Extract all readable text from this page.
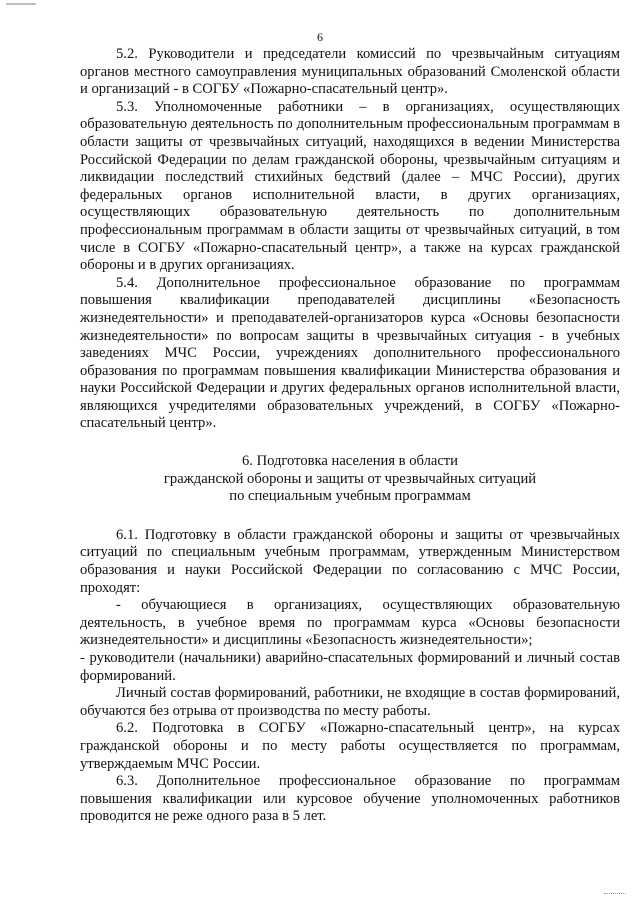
6

5.2. Руководители и председатели комиссий по чрезвычайным ситуациям органов местного самоуправления муниципальных образований Смоленской области и организаций - в СОГБУ «Пожарно-спасательный центр».

5.3. Уполномоченные работники – в организациях, осуществляющих образовательную деятельность по дополнительным профессиональным программам в области защиты от чрезвычайных ситуаций, находящихся в ведении Министерства Российской Федерации по делам гражданской обороны, чрезвычайным ситуациям и ликвидации последствий стихийных бедствий (далее – МЧС России), других федеральных органов исполнительной власти, в других организациях, осуществляющих образовательную деятельность по дополнительным профессиональным программам в области защиты от чрезвычайных ситуаций, в том числе в СОГБУ «Пожарно-спасательный центр», а также на курсах гражданской обороны и в других организациях.

5.4. Дополнительное профессиональное образование по программам повышения квалификации преподавателей дисциплины «Безопасность жизнедеятельности» и преподавателей-организаторов курса «Основы безопасности жизнедеятельности» по вопросам защиты в чрезвычайных ситуация - в учебных заведениях МЧС России, учреждениях дополнительного профессионального образования по программам повышения квалификации Министерства образования и науки Российской Федерации и других федеральных органов исполнительной власти, являющихся учредителями образовательных учреждений, в СОГБУ «Пожарно-спасательный центр».

6. Подготовка населения в области
гражданской обороны и защиты от чрезвычайных ситуаций
по специальным учебным программам

6.1. Подготовку в области гражданской обороны и защиты от чрезвычайных ситуаций по специальным учебным программам, утвержденным Министерством образования и науки Российской Федерации по согласованию с МЧС России, проходят:

- обучающиеся в организациях, осуществляющих образовательную деятельность, в учебное время по программам курса «Основы безопасности жизнедеятельности» и дисциплины «Безопасность жизнедеятельности»;

- руководители (начальники) аварийно-спасательных формирований и личный состав формирований.

Личный состав формирований, работники, не входящие в состав формирований, обучаются без отрыва от производства по месту работы.

6.2. Подготовка в СОГБУ «Пожарно-спасательный центр», на курсах гражданской обороны и по месту работы осуществляется по программам, утверждаемым МЧС России.

6.3. Дополнительное профессиональное образование по программам повышения квалификации или курсовое обучение уполномоченных работников проводится не реже одного раза в 5 лет.
